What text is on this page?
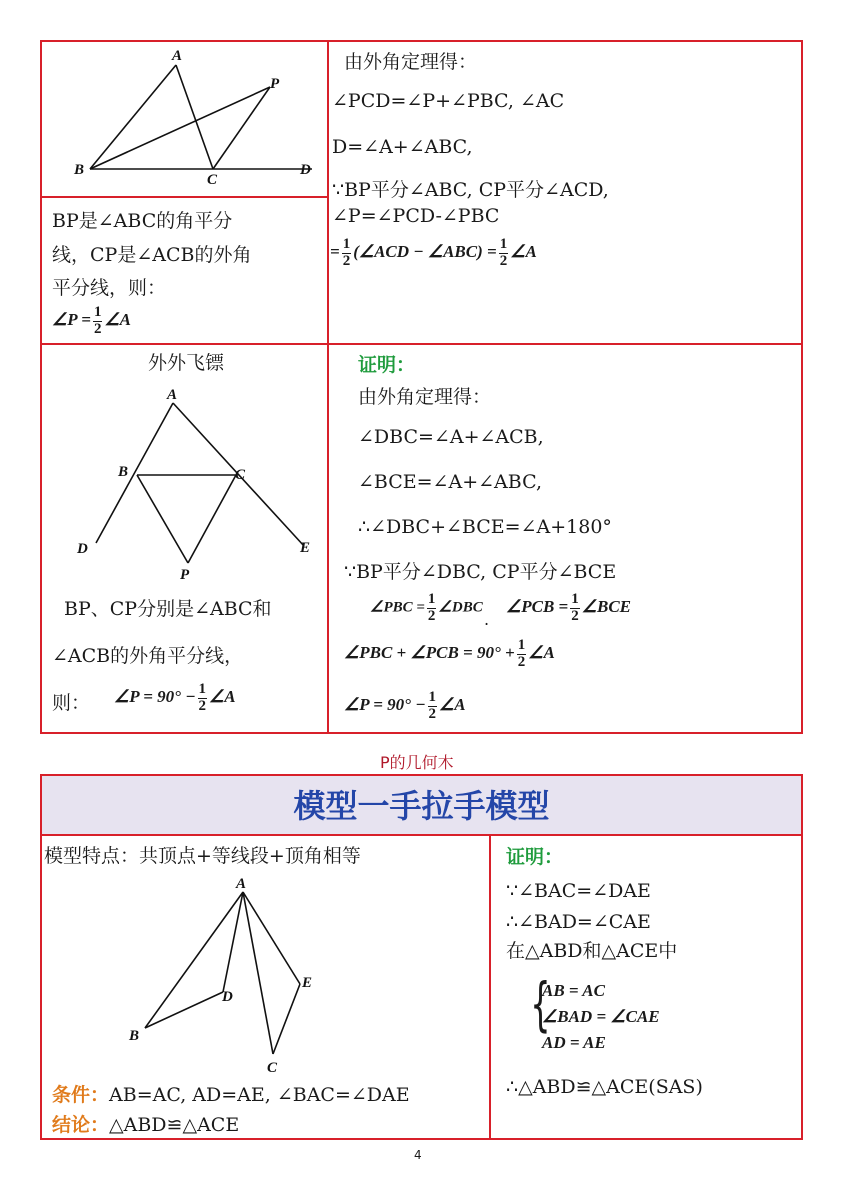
A
P
B
C
D
BP是∠ABC的角平分
线，CP是∠ACB的外角
平分线，则：
∠P = $\frac{1}{2}$ ∠A
由外角定理得：
∠PCD=∠P+∠PBC, ∠AC
D=∠A+∠ABC,
∵BP平分∠ABC, CP平分∠ACD,
∠P=∠PCD-∠PBC
= $\frac{1}{2}$ (∠ACD − ∠ABC) = $\frac{1}{2}$ ∠A
外外飞镖
A
B	C
D	E
P
BP、CP分别是∠ABC和
∠ACB的外角平分线，
则： ∠P = $90^\circ - \frac{1}{2}$ ∠A
证明：
由外角定理得：
∠DBC=∠A+∠ACB,
∠BCE=∠A+∠ABC,
∴∠DBC+∠BCE=∠A+180°
∵BP平分∠DBC, CP平分∠BCE
∠PBC = $\frac{1}{2}$ ∠DBC
.
∠PCB = $\frac{1}{2}$ ∠BCE
∠PBC + ∠PCB = $90^\circ + \frac{1}{2}$ ∠A
∠P = $90^\circ - \frac{1}{2}$ ∠A
P的几何木
模型一手拉手模型
模型特点：共顶点+等线段+顶角相等
A
D
E
B
C
条件：AB=AC, AD=AE, ∠BAC=∠DAE
结论：△ABD≌△ACE
证明：
∵∠BAC=∠DAE
∴∠BAD=∠CAE
在△ABD和△ACE中
{
AB = AC
∠BAD = ∠CAE
AD = AE
∴△ABD≌△ACE(SAS)
4
